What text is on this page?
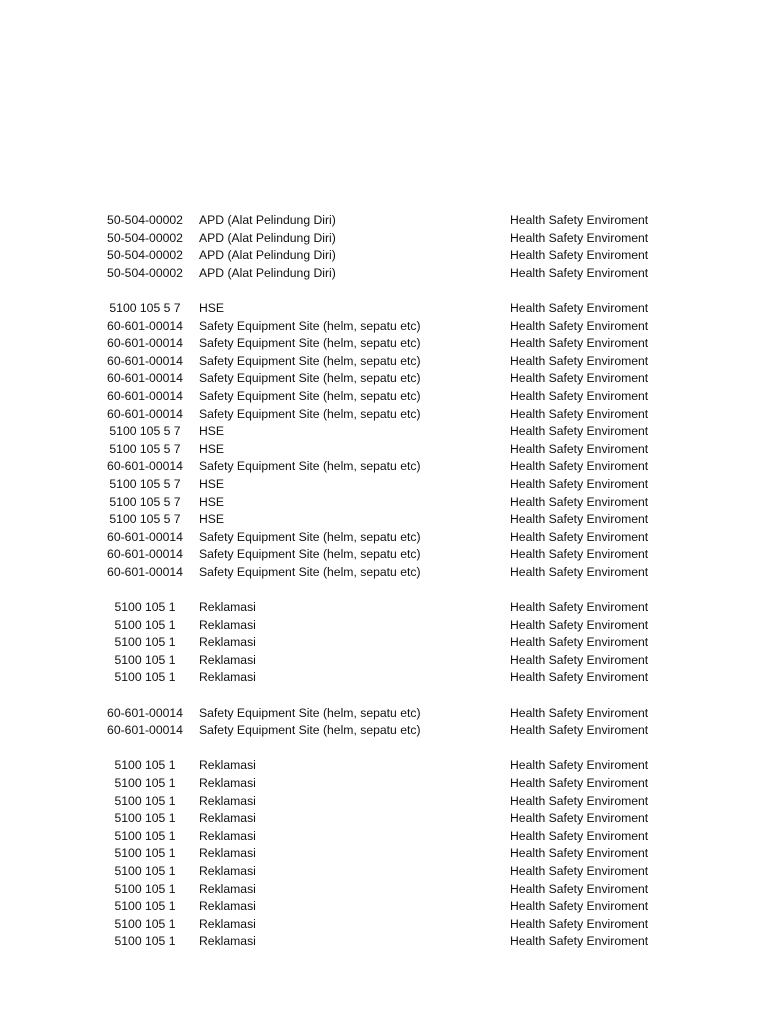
50-504-00002	APD (Alat Pelindung Diri)	Health Safety Enviroment
50-504-00002	APD (Alat Pelindung Diri)	Health Safety Enviroment
50-504-00002	APD (Alat Pelindung Diri)	Health Safety Enviroment
50-504-00002	APD (Alat Pelindung Diri)	Health Safety Enviroment
5100 105 5 7	HSE	Health Safety Enviroment
60-601-00014	Safety Equipment Site (helm, sepatu etc)	Health Safety Enviroment
60-601-00014	Safety Equipment Site (helm, sepatu etc)	Health Safety Enviroment
60-601-00014	Safety Equipment Site (helm, sepatu etc)	Health Safety Enviroment
60-601-00014	Safety Equipment Site (helm, sepatu etc)	Health Safety Enviroment
60-601-00014	Safety Equipment Site (helm, sepatu etc)	Health Safety Enviroment
60-601-00014	Safety Equipment Site (helm, sepatu etc)	Health Safety Enviroment
5100 105 5 7	HSE	Health Safety Enviroment
5100 105 5 7	HSE	Health Safety Enviroment
60-601-00014	Safety Equipment Site (helm, sepatu etc)	Health Safety Enviroment
5100 105 5 7	HSE	Health Safety Enviroment
5100 105 5 7	HSE	Health Safety Enviroment
5100 105 5 7	HSE	Health Safety Enviroment
60-601-00014	Safety Equipment Site (helm, sepatu etc)	Health Safety Enviroment
60-601-00014	Safety Equipment Site (helm, sepatu etc)	Health Safety Enviroment
60-601-00014	Safety Equipment Site (helm, sepatu etc)	Health Safety Enviroment
5100 105 1	Reklamasi	Health Safety Enviroment
5100 105 1	Reklamasi	Health Safety Enviroment
5100 105 1	Reklamasi	Health Safety Enviroment
5100 105 1	Reklamasi	Health Safety Enviroment
5100 105 1	Reklamasi	Health Safety Enviroment
60-601-00014	Safety Equipment Site (helm, sepatu etc)	Health Safety Enviroment
60-601-00014	Safety Equipment Site (helm, sepatu etc)	Health Safety Enviroment
5100 105 1	Reklamasi	Health Safety Enviroment
5100 105 1	Reklamasi	Health Safety Enviroment
5100 105 1	Reklamasi	Health Safety Enviroment
5100 105 1	Reklamasi	Health Safety Enviroment
5100 105 1	Reklamasi	Health Safety Enviroment
5100 105 1	Reklamasi	Health Safety Enviroment
5100 105 1	Reklamasi	Health Safety Enviroment
5100 105 1	Reklamasi	Health Safety Enviroment
5100 105 1	Reklamasi	Health Safety Enviroment
5100 105 1	Reklamasi	Health Safety Enviroment
5100 105 1	Reklamasi	Health Safety Enviroment
